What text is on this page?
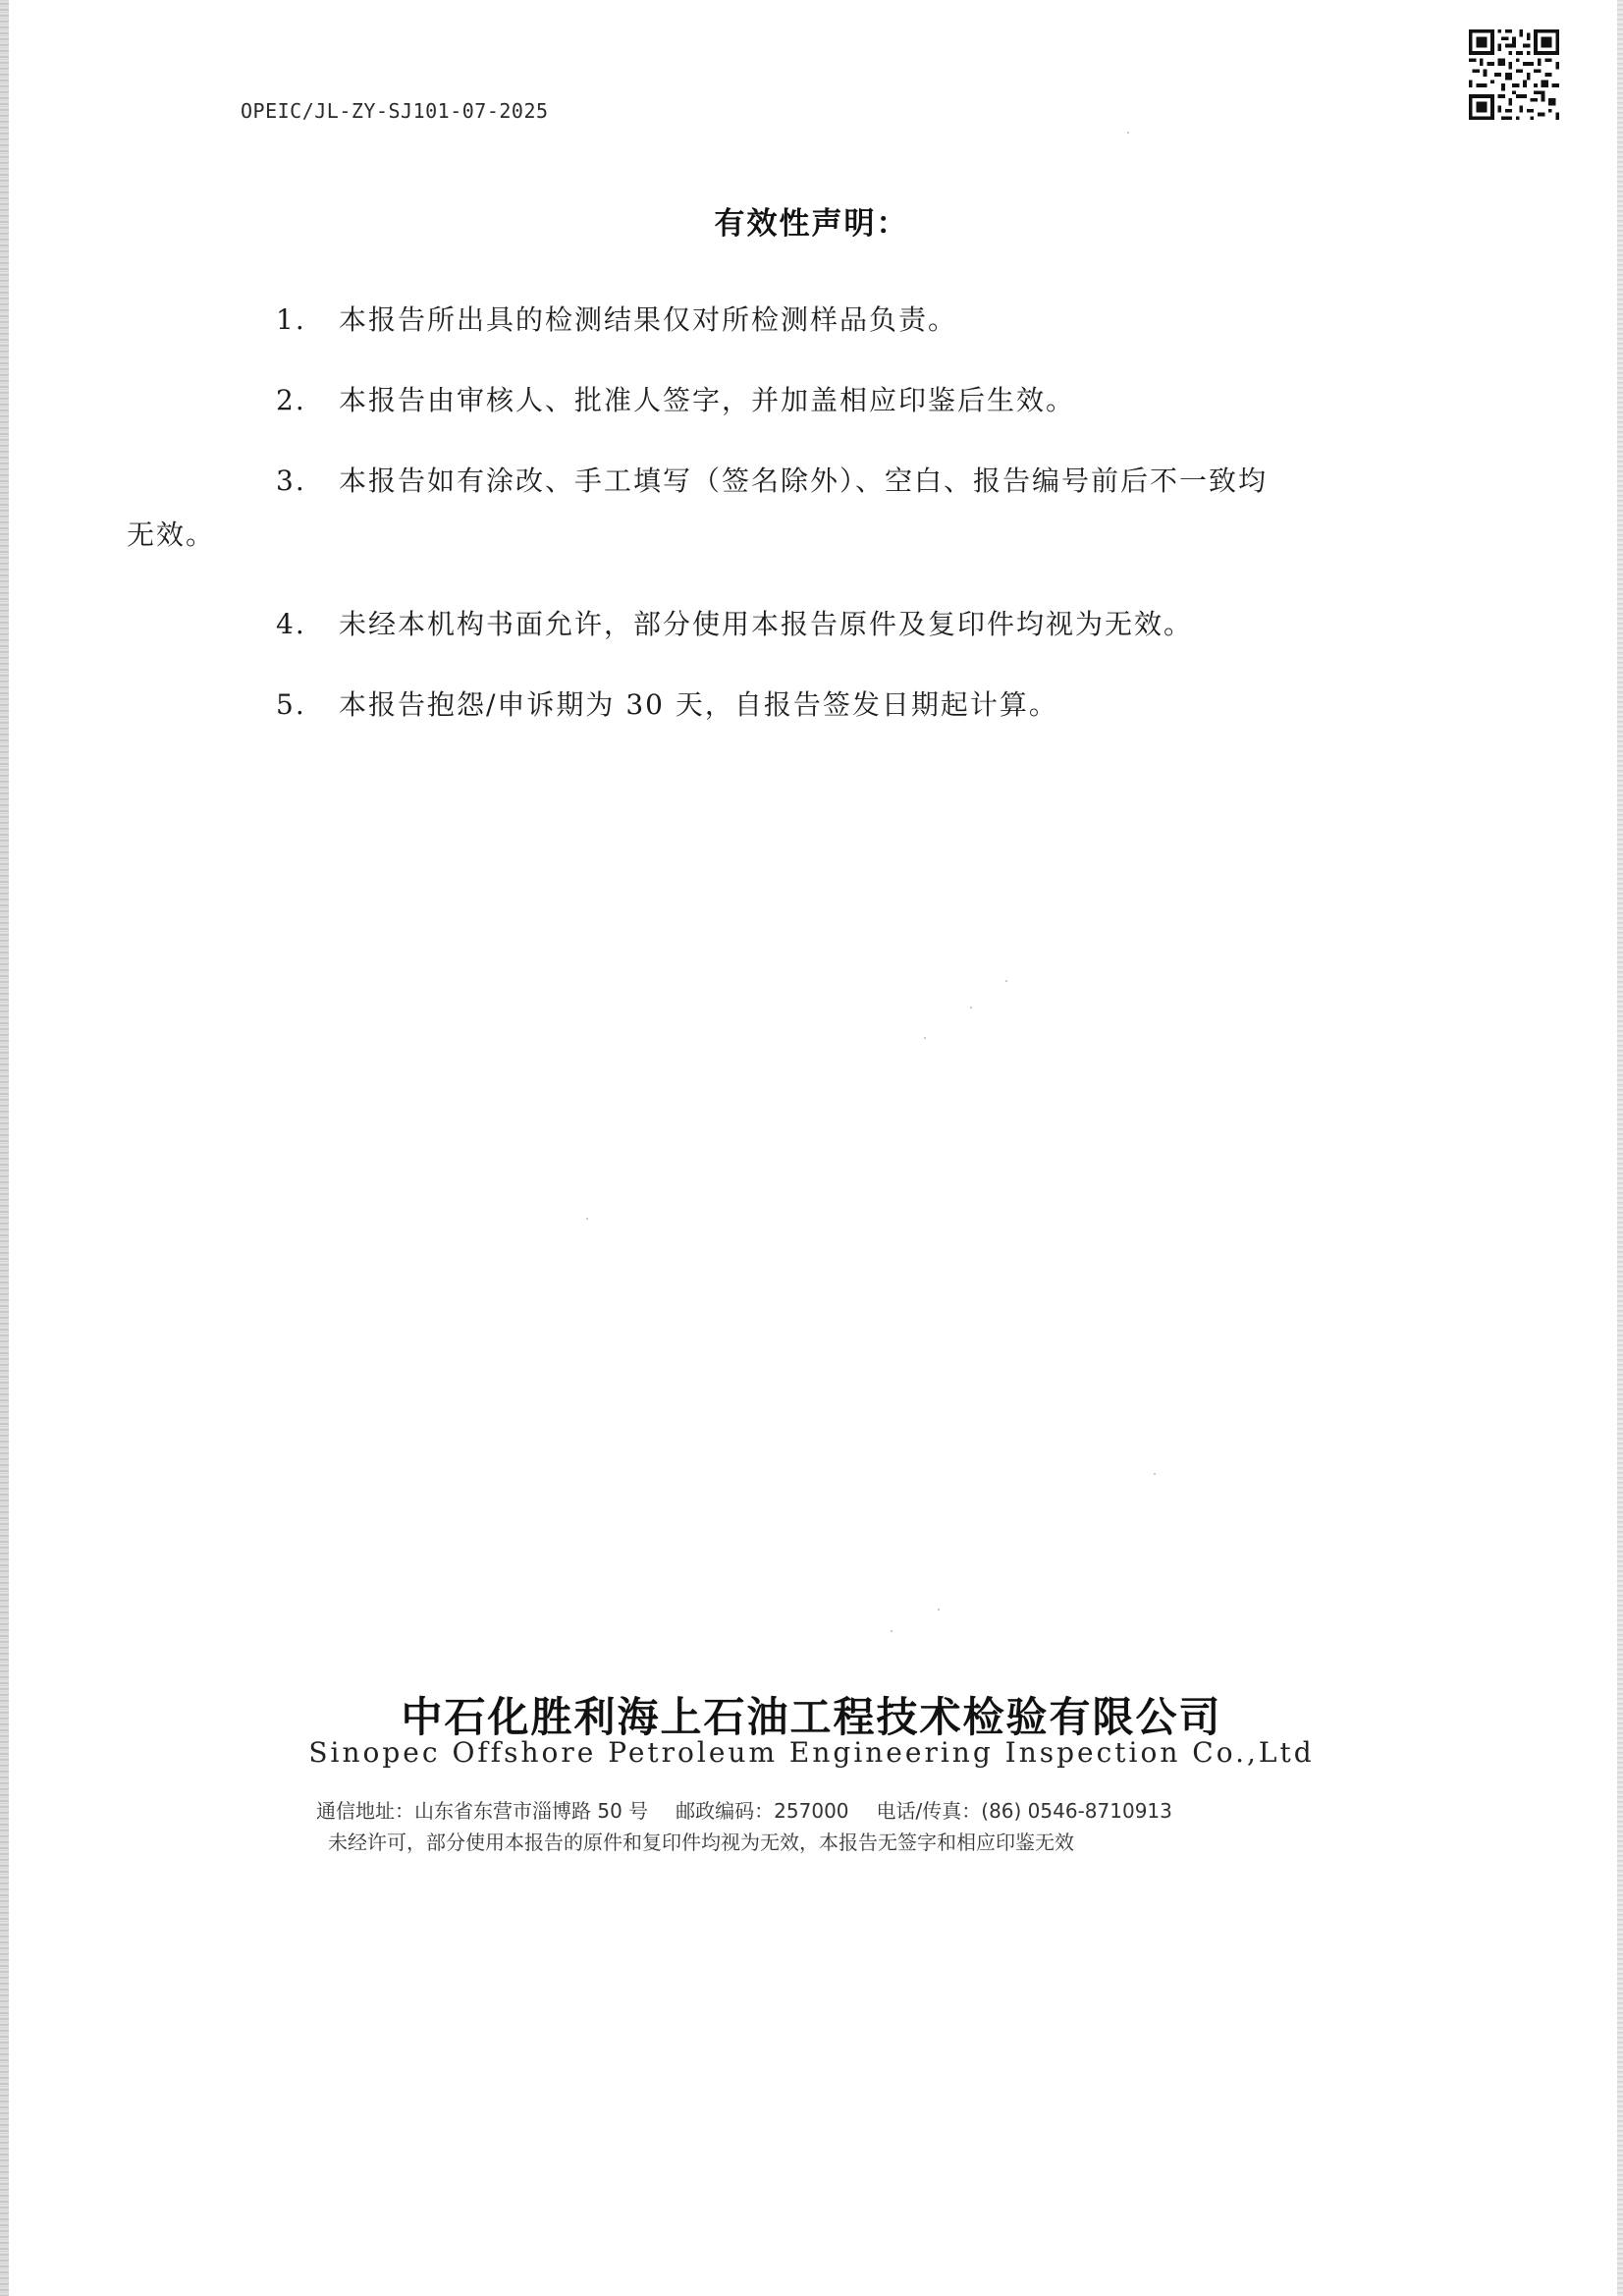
OPEIC/JL-ZY-SJ101-07-2025
有效性声明：
1. 本报告所出具的检测结果仅对所检测样品负责。
2. 本报告由审核人、批准人签字，并加盖相应印鉴后生效。
3. 本报告如有涂改、手工填写（签名除外）、空白、报告编号前后不一致均
无效。
4. 未经本机构书面允许，部分使用本报告原件及复印件均视为无效。
5. 本报告抱怨/申诉期为 30 天，自报告签发日期起计算。
中石化胜利海上石油工程技术检验有限公司
Sinopec Offshore Petroleum Engineering Inspection Co.,Ltd
通信地址：山东省东营市淄博路 50 号 邮政编码：257000 电话/传真：(86) 0546-8710913
未经许可，部分使用本报告的原件和复印件均视为无效，本报告无签字和相应印鉴无效
